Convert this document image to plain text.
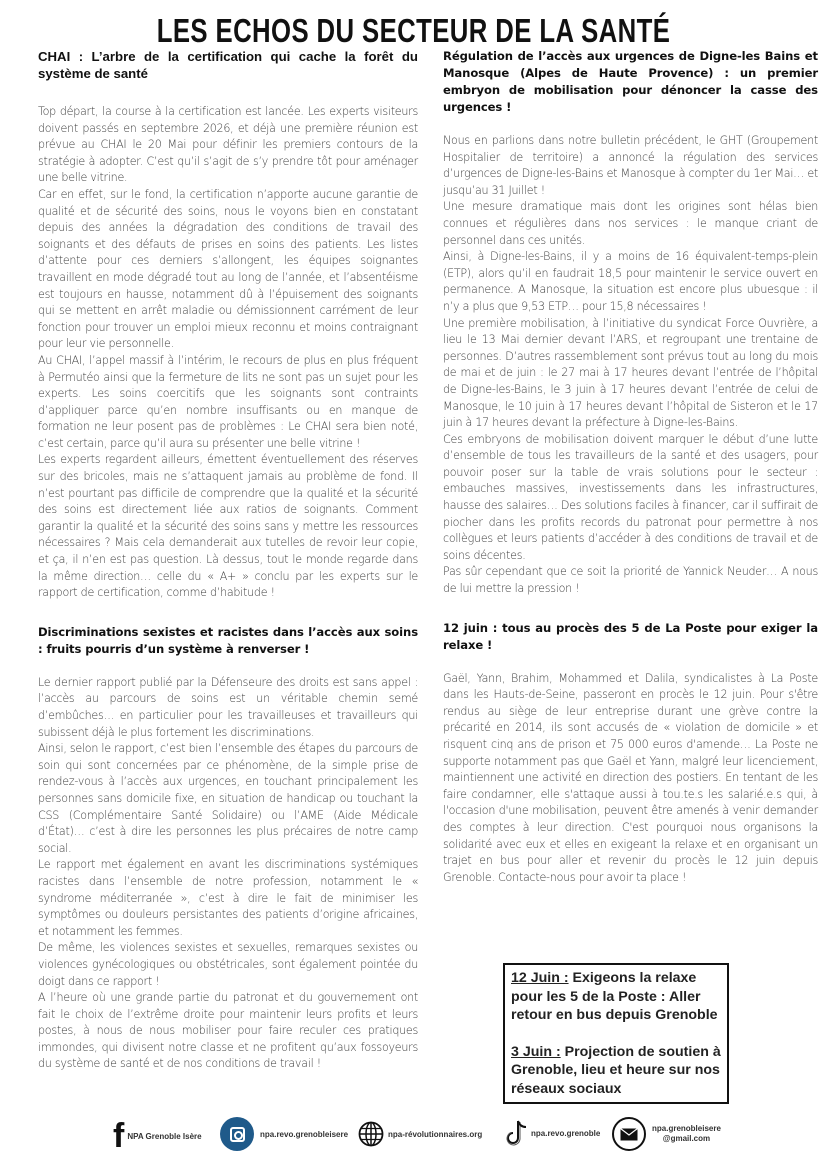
LES ECHOS DU SECTEUR DE LA SANTÉ
CHAI : L’arbre de la certification qui cache la forêt du système de santé

Top départ, la course à la certification est lancée. Les experts visiteurs doivent passés en septembre 2026, et déjà une première réunion est prévue au CHAI le 20 Mai pour définir les premiers contours de la stratégie à adopter. C’est qu’il s’agit de s’y prendre tôt pour aménager une belle vitrine.

Car en effet, sur le fond, la certification n’apporte aucune garantie de qualité et de sécurité des soins, nous le voyons bien en constatant depuis des années la dégradation des conditions de travail des soignants et des défauts de prises en soins des patients. Les listes d’attente pour ces derniers s’allongent, les équipes soignantes travaillent en mode dégradé tout au long de l’année, et l’absentéisme est toujours en hausse, notamment dû à l’épuisement des soignants qui se mettent en arrêt maladie ou démissionnent carrément de leur fonction pour trouver un emploi mieux reconnu et moins contraignant pour leur vie personnelle.

Au CHAI, l’appel massif à l’intérim, le recours de plus en plus fréquent à Permutéo ainsi que la fermeture de lits ne sont pas un sujet pour les experts. Les soins coercitifs que les soignants sont contraints d’appliquer parce qu’en nombre insuffisants ou en manque de formation ne leur posent pas de problèmes : Le CHAI sera bien noté, c’est certain, parce qu’il aura su présenter une belle vitrine !

Les experts regardent ailleurs, émettent éventuellement des réserves sur des bricoles, mais ne s’attaquent jamais au problème de fond. Il n’est pourtant pas difficile de comprendre que la qualité et la sécurité des soins est directement liée aux ratios de soignants. Comment garantir la qualité et la sécurité des soins sans y mettre les ressources nécessaires ? Mais cela demanderait aux tutelles de revoir leur copie, et ça, il n’en est pas question. Là dessus, tout le monde regarde dans la même direction… celle du « A+ » conclu par les experts sur le rapport de certification, comme d’habitude !

Discriminations sexistes et racistes dans l’accès aux soins : fruits pourris d’un système à renverser !

Le dernier rapport publié par la Défenseure des droits est sans appel : l’accès au parcours de soins est un véritable chemin semé d’embûches… en particulier pour les travailleuses et travailleurs qui subissent déjà le plus fortement les discriminations.

Ainsi, selon le rapport, c’est bien l’ensemble des étapes du parcours de soin qui sont concernées par ce phénomène, de la simple prise de rendez-vous à l’accès aux urgences, en touchant principalement les personnes sans domicile fixe, en situation de handicap ou touchant la CSS (Complémentaire Santé Solidaire) ou l’AME (Aide Médicale d’État)… c’est à dire les personnes les plus précaires de notre camp social.

Le rapport met également en avant les discriminations systémiques racistes dans l’ensemble de notre profession, notamment le « syndrome méditerranée », c’est à dire le fait de minimiser les symptômes ou douleurs persistantes des patients d’origine africaines, et notamment les femmes.

De même, les violences sexistes et sexuelles, remarques sexistes ou violences gynécologiques ou obstétricales, sont également pointée du doigt dans ce rapport !

A l’heure où une grande partie du patronat et du gouvernement ont fait le choix de l’extrême droite pour maintenir leurs profits et leurs postes, à nous de nous mobiliser pour faire reculer ces pratiques immondes, qui divisent notre classe et ne profitent qu’aux fossoyeurs du système de santé et de nos conditions de travail !

Régulation de l’accès aux urgences de Digne-les Bains et Manosque (Alpes de Haute Provence) : un premier embryon de mobilisation pour dénoncer la casse des urgences !

Nous en parlions dans notre bulletin précédent, le GHT (Groupement Hospitalier de territoire) a annoncé la régulation des services d’urgences de Digne-les-Bains et Manosque à compter du 1er Mai… et jusqu’au 31 Juillet !

Une mesure dramatique mais dont les origines sont hélas bien connues et régulières dans nos services : le manque criant de personnel dans ces unités.

Ainsi, à Digne-les-Bains, il y a moins de 16 équivalent-temps-plein (ETP), alors qu’il en faudrait 18,5 pour maintenir le service ouvert en permanence. A Manosque, la situation est encore plus ubuesque : il n’y a plus que 9,53 ETP… pour 15,8 nécessaires !

Une première mobilisation, à l’initiative du syndicat Force Ouvrière, a lieu le 13 Mai dernier devant l’ARS, et regroupant une trentaine de personnes. D’autres rassemblement sont prévus tout au long du mois de mai et de juin : le 27 mai à 17 heures devant l’entrée de l’hôpital de Digne-les-Bains, le 3 juin à 17 heures devant l’entrée de celui de Manosque, le 10 juin à 17 heures devant l’hôpital de Sisteron et le 17 juin à 17 heures devant la préfecture à Digne-les-Bains.

Ces embryons de mobilisation doivent marquer le début d’une lutte d’ensemble de tous les travailleurs de la santé et des usagers, pour pouvoir poser sur la table de vrais solutions pour le secteur : embauches massives, investissements dans les infrastructures, hausse des salaires… Des solutions faciles à financer, car il suffirait de piocher dans les profits records du patronat pour permettre à nos collègues et leurs patients d’accéder à des conditions de travail et de soins décentes.

Pas sûr cependant que ce soit la priorité de Yannick Neuder… A nous de lui mettre la pression !

12 juin : tous au procès des 5 de La Poste pour exiger la relaxe !

Gaël, Yann, Brahim, Mohammed et Dalila, syndicalistes à La Poste dans les Hauts-de-Seine, passeront en procès le 12 juin. Pour s'être rendus au siège de leur entreprise durant une grève contre la précarité en 2014, ils sont accusés de « violation de domicile » et risquent cinq ans de prison et 75 000 euros d'amende… La Poste ne supporte notamment pas que Gaël et Yann, malgré leur licenciement, maintiennent une activité en direction des postiers. En tentant de les faire condamner, elle s'attaque aussi à tou.te.s les salarié.e.s qui, à l'occasion d'une mobilisation, peuvent être amenés à venir demander des comptes à leur direction. C'est pourquoi nous organisons la solidarité avec eux et elles en exigeant la relaxe et en organisant un trajet en bus pour aller et revenir du procès le 12 juin depuis Grenoble. Contacte-nous pour avoir ta place !

12 Juin : Exigeons la relaxe pour les 5 de la Poste : Aller retour en bus depuis Grenoble
3 Juin : Projection de soutien à Grenoble, lieu et heure sur nos réseaux sociaux
f NPA Grenoble Isère	npa.revo.grenobleisere	npa-révolutionnaires.org	npa.revo.grenoble	npa.grenobleisere
@gmail.com
